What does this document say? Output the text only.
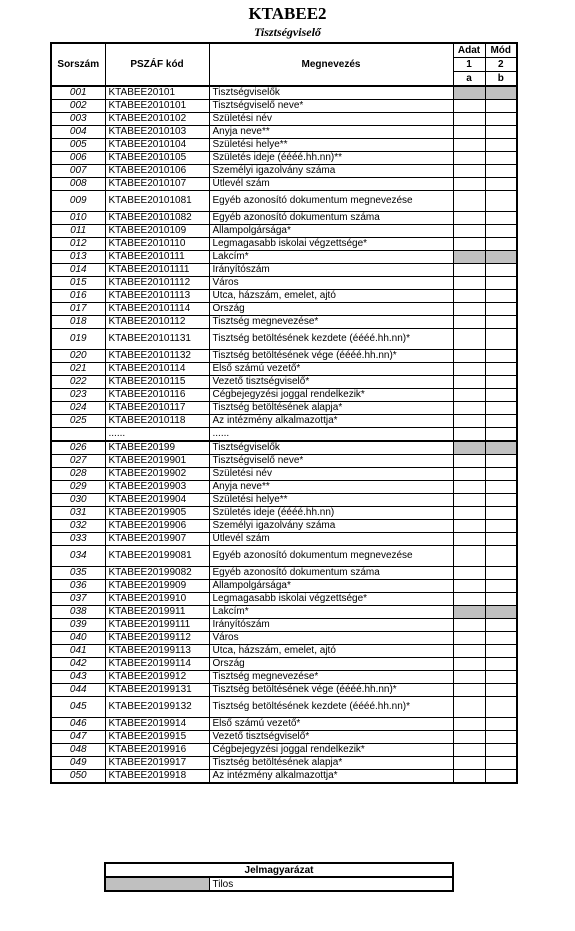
KTABEE2
Tisztségviselő
Sorszám	PSZÁF kód	Megnevezés	Adat	Mód
			1	2
			a	b
001	KTABEE20101	Tisztségviselők		
002	KTABEE2010101	Tisztségviselő neve*		
003	KTABEE2010102	Születési név		
004	KTABEE2010103	Anyja neve**		
005	KTABEE2010104	Születési helye**		
006	KTABEE2010105	Születés ideje (éééé.hh.nn)**		
007	KTABEE2010106	Személyi igazolvány száma		
008	KTABEE2010107	Útlevél szám		
009	KTABEE20101081	Egyéb azonosító dokumentum megnevezése		
010	KTABEE20101082	Egyéb azonosító dokumentum száma		
011	KTABEE2010109	Állampolgársága*		
012	KTABEE2010110	Legmagasabb iskolai végzettsége*		
013	KTABEE2010111	Lakcím*		
014	KTABEE20101111	Irányítószám		
015	KTABEE20101112	Város		
016	KTABEE20101113	Utca, házszám, emelet, ajtó		
017	KTABEE20101114	Ország		
018	KTABEE2010112	Tisztség megnevezése*		
019	KTABEE20101131	Tisztség betöltésének kezdete (éééé.hh.nn)*		
020	KTABEE20101132	Tisztség betöltésének vége (éééé.hh.nn)*		
021	KTABEE2010114	Első számú vezető*		
022	KTABEE2010115	Vezető tisztségviselő*		
023	KTABEE2010116	Cégbejegyzési joggal rendelkezik*		
024	KTABEE2010117	Tisztség betöltésének alapja*		
025	KTABEE2010118	Az intézmény alkalmazottja*		
	......	......		
026	KTABEE20199	Tisztségviselők		
027	KTABEE2019901	Tisztségviselő neve*		
028	KTABEE2019902	Születési név		
029	KTABEE2019903	Anyja neve**		
030	KTABEE2019904	Születési helye**		
031	KTABEE2019905	Születés ideje (éééé.hh.nn)		
032	KTABEE2019906	Személyi igazolvány száma		
033	KTABEE2019907	Útlevél szám		
034	KTABEE20199081	Egyéb azonosító dokumentum megnevezése		
035	KTABEE20199082	Egyéb azonosító dokumentum száma		
036	KTABEE2019909	Állampolgársága*		
037	KTABEE2019910	Legmagasabb iskolai végzettsége*		
038	KTABEE2019911	Lakcím*		
039	KTABEE20199111	Irányítószám		
040	KTABEE20199112	Város		
041	KTABEE20199113	Utca, házszám, emelet, ajtó		
042	KTABEE20199114	Ország		
043	KTABEE2019912	Tisztség megnevezése*		
044	KTABEE20199131	Tisztség betöltésének vége (éééé.hh.nn)*		
045	KTABEE20199132	Tisztség betöltésének kezdete (éééé.hh.nn)*		
046	KTABEE2019914	Első számú vezető*		
047	KTABEE2019915	Vezető tisztségviselő*		
048	KTABEE2019916	Cégbejegyzési joggal rendelkezik*		
049	KTABEE2019917	Tisztség betöltésének alapja*		
050	KTABEE2019918	Az intézmény alkalmazottja*		
Jelmagyarázat
	Tilos
